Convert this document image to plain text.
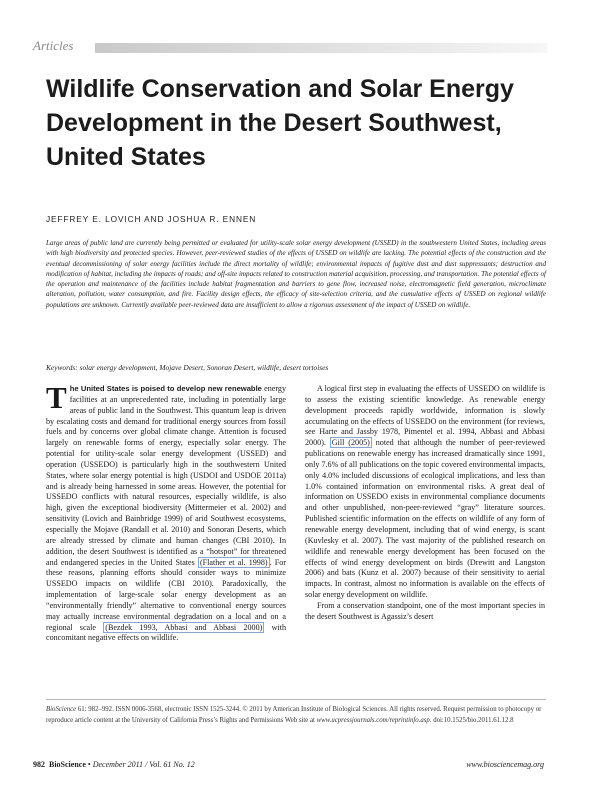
Articles
Wildlife Conservation and Solar Energy Development in the Desert Southwest, United States
JEFFREY E. LOVICH AND JOSHUA R. ENNEN

Large areas of public land are currently being permitted or evaluated for utility-scale solar energy development (USSED) in the southwestern United States, including areas with high biodiversity and protected species. However, peer-reviewed studies of the effects of USSED on wildlife are lacking. The potential effects of the construction and the eventual decommissioning of solar energy facilities include the direct mortality of wildlife; environmental impacts of fugitive dust and dust suppressants; destruction and modification of habitat, including the impacts of roads; and off-site impacts related to construction material acquisition, processing, and transportation. The potential effects of the operation and maintenance of the facilities include habitat fragmentation and barriers to gene flow, increased noise, electromagnetic field generation, microclimate alteration, pollution, water consumption, and fire. Facility design effects, the efficacy of site-selection criteria, and the cumulative effects of USSED on regional wildlife populations are unknown. Currently available peer-reviewed data are insufficient to allow a rigorous assessment of the impact of USSED on wildlife.

Keywords: solar energy development, Mojave Desert, Sonoran Desert, wildlife, desert tortoises

The United States is poised to develop new renewable energy facilities at an unprecedented rate, including in potentially large areas of public land in the Southwest. This quantum leap is driven by escalating costs and demand for traditional energy sources from fossil fuels and by concerns over global climate change. Attention is focused largely on renewable forms of energy, especially solar energy. The potential for utility-scale solar energy development (USSED) and operation (USSEDO) is particularly high in the southwestern United States, where solar energy potential is high (USDOI and USDOE 2011a) and is already being harnessed in some areas. However, the potential for USSEDO conflicts with natural resources, especially wildlife, is also high, given the exceptional biodiversity (Mittermeier et al. 2002) and sensitivity (Lovich and Bainbridge 1999) of arid Southwest ecosystems, especially the Mojave (Randall et al. 2010) and Sonoran Deserts, which are already stressed by climate and human changes (CBI 2010). In addition, the desert Southwest is identified as a “hotspot” for threatened and endangered species in the United States (Flather et al. 1998) . For these reasons, planning efforts should consider ways to minimize USSEDO impacts on wildlife (CBI 2010). Paradoxically, the implementation of large-scale solar energy development as an “environmentally friendly” alternative to conventional energy sources may actually increase environmental degradation on a local and on a regional scale (Bezdek 1993, Abbasi and Abbasi 2000) with concomitant negative effects on wildlife.

A logical first step in evaluating the effects of USSEDO on wildlife is to assess the existing scientific knowledge. As renewable energy development proceeds rapidly worldwide, information is slowly accumulating on the effects of USSEDO on the environment (for reviews, see Harte and Jassby 1978, Pimentel et al. 1994, Abbasi and Abbasi 2000). Gill (2005) noted that although the number of peer-reviewed publications on renewable energy has increased dramatically since 1991, only 7.6% of all publications on the topic covered environmental impacts, only 4.0% included discussions of ecological implications, and less than 1.0% contained information on environmental risks. A great deal of information on USSEDO exists in environmental compliance documents and other unpublished, non-peer-reviewed “gray” literature sources. Published scientific information on the effects on wildlife of any form of renewable energy development, including that of wind energy, is scant (Kuvlesky et al. 2007). The vast majority of the published research on wildlife and renewable energy development has been focused on the effects of wind energy development on birds (Drewitt and Langston 2006) and bats (Kunz et al. 2007) because of their sensitivity to aerial impacts. In contrast, almost no information is available on the effects of solar energy development on wildlife.

From a conservation standpoint, one of the most important species in the desert Southwest is Agassiz’s desert

BioScience 61: 982–992. ISSN 0006-3568, electronic ISSN 1525-3244. © 2011 by American Institute of Biological Sciences. All rights reserved. Request permission to photocopy or reproduce article content at the University of California Press’s Rights and Permissions Web site at www.ucpressjournals.com/reprintinfo.asp. doi:10.1525/bio.2011.61.12.8

982 BioScience • December 2011 / Vol. 61 No. 12	www.biosciencemag.org
